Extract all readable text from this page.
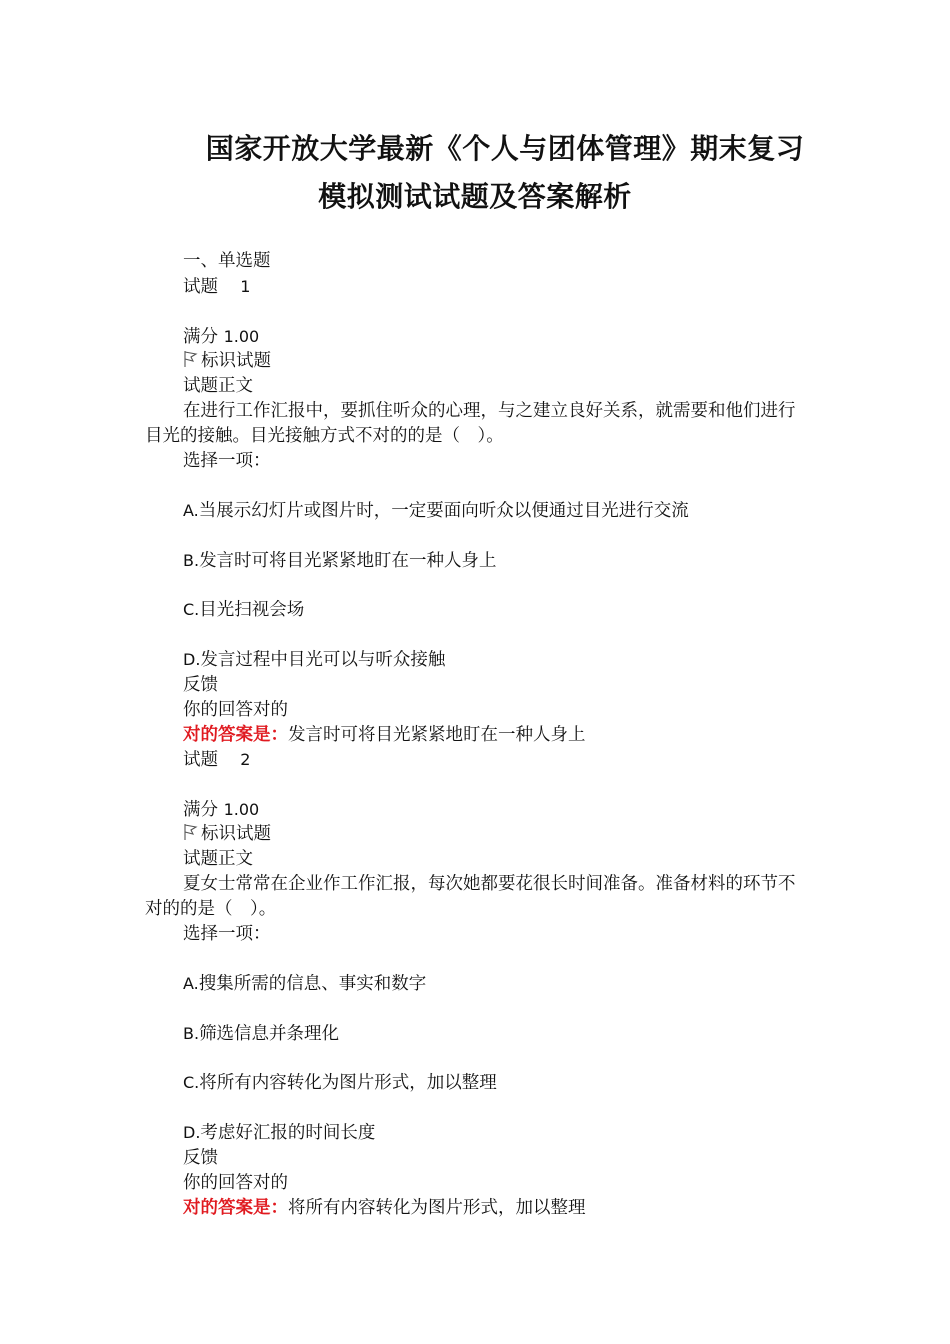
国家开放大学最新《个人与团体管理》期末复习
模拟测试试题及答案解析
一、单选题
试题 1
满分 1.00
标识试题
试题正文
在进行工作汇报中，要抓住听众的心理，与之建立良好关系，就需要和他们进行目光的接触。目光接触方式不对的的是（　）。
选择一项：
A.当展示幻灯片或图片时，一定要面向听众以便通过目光进行交流
B.发言时可将目光紧紧地盯在一种人身上
C.目光扫视会场
D.发言过程中目光可以与听众接触
反馈
你的回答对的
对的答案是：发言时可将目光紧紧地盯在一种人身上
试题 2
满分 1.00
标识试题
试题正文
夏女士常常在企业作工作汇报，每次她都要花很长时间准备。准备材料的环节不对的的是（　）。
选择一项：
A.搜集所需的信息、事实和数字
B.筛选信息并条理化
C.将所有内容转化为图片形式，加以整理
D.考虑好汇报的时间长度
反馈
你的回答对的
对的答案是：将所有内容转化为图片形式，加以整理
